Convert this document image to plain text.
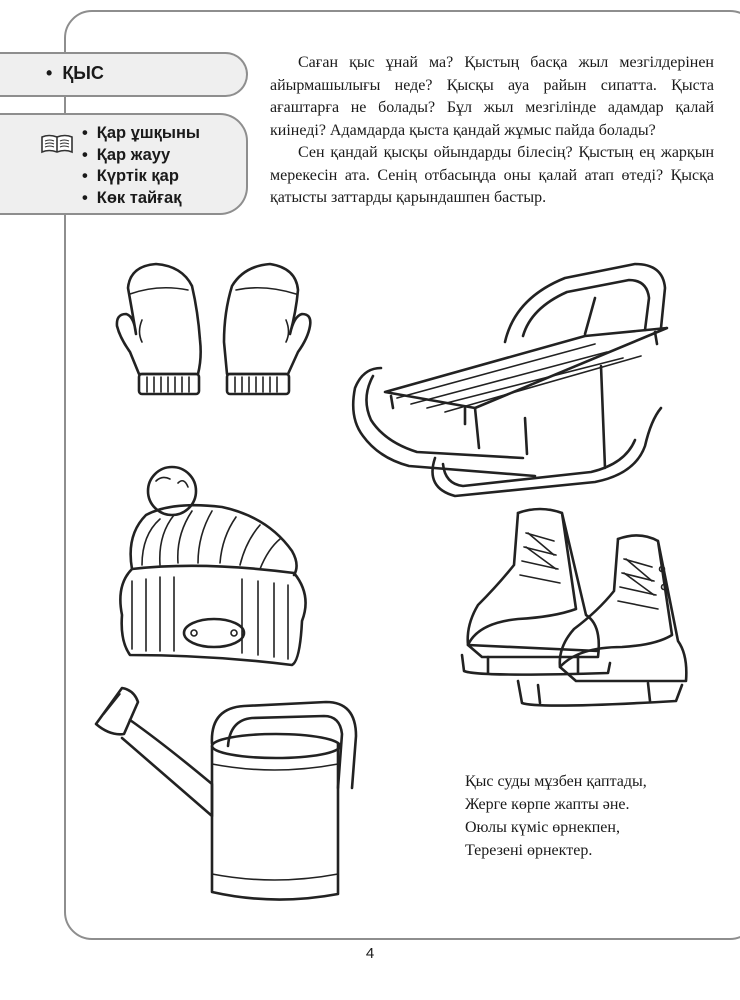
• ҚЫС
• Қар ұшқыны
• Қар жауу
• Күртік қар
• Көк тайғақ

Саған қыс ұнай ма? Қыстың басқа жыл мезгілдерінен айырмашылығы неде? Қысқы ауа райын сипатта. Қыста ағаштарға не болады? Бұл жыл мезгілінде адамдар қалай киінеді? Адамдарда қыста қандай жұмыс пайда болады?

Сен қандай қысқы ойындарды білесің? Қыстың ең жарқын мерекесін ата. Сенің отбасыңда оны қалай атап өтеді? Қысқа қатысты заттарды қарындашпен бастыр.

Қыс суды мұзбен қаптады,
Жерге көрпе жапты әне.
Оюлы күміс өрнекпен,
Терезені өрнектер.
4
